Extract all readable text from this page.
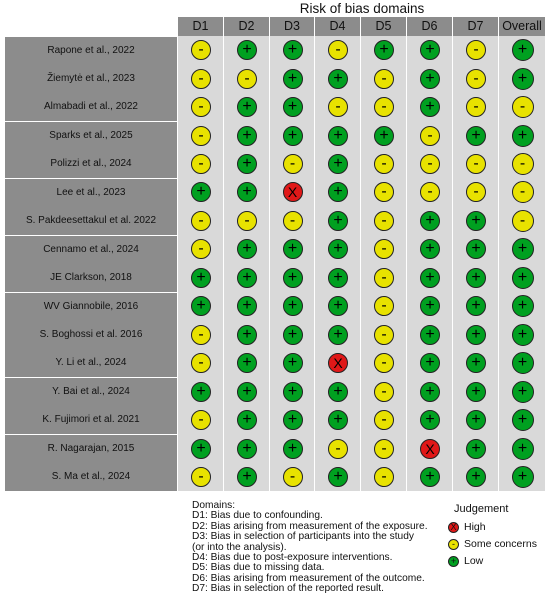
Risk of bias domains
D1	D2	D3	D4	D5	D6	D7	Overall
Rapone et al., 2022	-	+	+	-	+	+	-	+
Žiemytė et al., 2023	-	-	+	+	-	+	-	+
Almabadi et al., 2022	-	+	+	-	-	+	-	-
Sparks et al., 2025	-	+	+	+	+	-	+	+
Polizzi et al., 2024	-	+	-	+	-	-	-	-
Lee et al., 2023	+	+	X	+	-	-	-	-
S. Pakdeesettakul et al. 2022	-	-	-	+	-	+	+	-
Cennamo et al., 2024	-	+	+	+	-	+	+	+
JE Clarkson, 2018	+	+	+	+	-	+	+	+
WV Giannobile, 2016	+	+	+	+	-	+	+	+
S. Boghossi et al. 2016	-	+	+	+	-	+	+	+
Y. Li et al., 2024	-	+	+	X	-	+	+	+
Y. Bai et al., 2024	+	+	+	+	-	+	+	+
K. Fujimori et al. 2021	-	+	+	+	-	+	+	+
R. Nagarajan, 2015	+	+	+	-	-	X	+	+
S. Ma et al., 2024	-	+	-	+	-	+	+	+
Domains:
D1: Bias due to confounding.
D2: Bias arising from measurement of the exposure.
D3: Bias in selection of participants into the study
(or into the analysis).
D4: Bias due to post-exposure interventions.
D5: Bias due to missing data.
D6: Bias arising from measurement of the outcome.
D7: Bias in selection of the reported result.
Judgement
X High
- Some concerns
+ Low
